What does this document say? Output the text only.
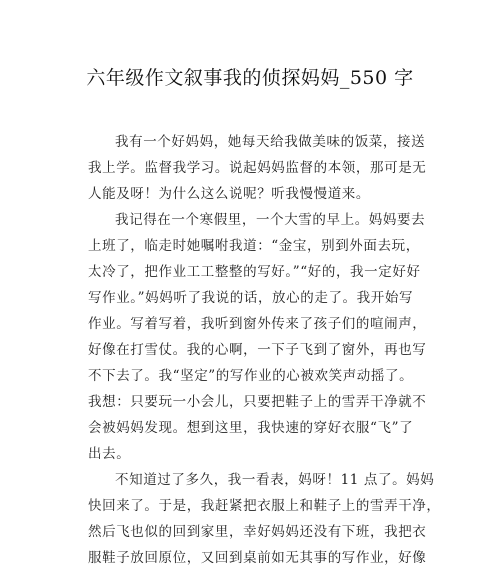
六年级作文叙事我的侦探妈妈_550 字
我有一个好妈妈，她每天给我做美味的饭菜，接送
我上学。监督我学习。说起妈妈监督的本领，那可是无
人能及呀！为什么这么说呢？听我慢慢道来。
我记得在一个寒假里，一个大雪的早上。妈妈要去
上班了，临走时她嘱咐我道：“金宝，别到外面去玩，
太冷了，把作业工工整整的写好。”“好的，我一定好好
写作业。”妈妈听了我说的话，放心的走了。我开始写
作业。写着写着，我听到窗外传来了孩子们的喧闹声，
好像在打雪仗。我的心啊，一下子飞到了窗外，再也写
不下去了。我“坚定”的写作业的心被欢笑声动摇了。
我想：只要玩一小会儿，只要把鞋子上的雪弄干净就不
会被妈妈发现。想到这里，我快速的穿好衣服“飞”了
出去。
不知道过了多久，我一看表，妈呀！11 点了。妈妈
快回来了。于是，我赶紧把衣服上和鞋子上的雪弄干净，
然后飞也似的回到家里，幸好妈妈还没有下班，我把衣
服鞋子放回原位，又回到桌前如无其事的写作业，好像
